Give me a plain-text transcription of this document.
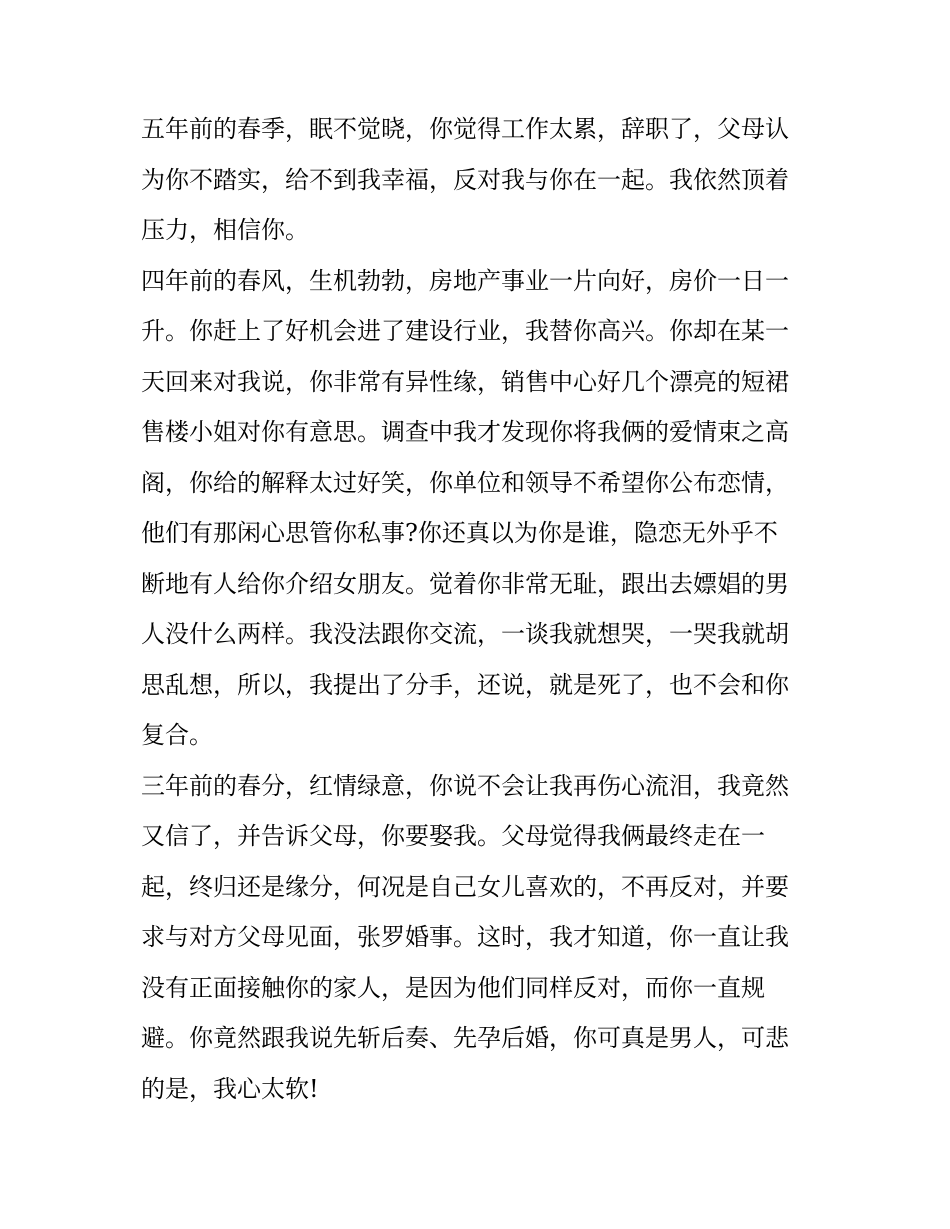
五年前的春季，眠不觉晓，你觉得工作太累，辞职了，父母认
为你不踏实，给不到我幸福，反对我与你在一起。我依然顶着
压力，相信你。
四年前的春风，生机勃勃，房地产事业一片向好，房价一日一
升。你赶上了好机会进了建设行业，我替你高兴。你却在某一
天回来对我说，你非常有异性缘，销售中心好几个漂亮的短裙
售楼小姐对你有意思。调查中我才发现你将我俩的爱情束之高
阁，你给的解释太过好笑，你单位和领导不希望你公布恋情，
他们有那闲心思管你私事?你还真以为你是谁，隐恋无外乎不
断地有人给你介绍女朋友。觉着你非常无耻，跟出去嫖娼的男
人没什么两样。我没法跟你交流，一谈我就想哭，一哭我就胡
思乱想，所以，我提出了分手，还说，就是死了，也不会和你
复合。
三年前的春分，红情绿意，你说不会让我再伤心流泪，我竟然
又信了，并告诉父母，你要娶我。父母觉得我俩最终走在一
起，终归还是缘分，何况是自己女儿喜欢的，不再反对，并要
求与对方父母见面，张罗婚事。这时，我才知道，你一直让我
没有正面接触你的家人，是因为他们同样反对，而你一直规
避。你竟然跟我说先斩后奏、先孕后婚，你可真是男人，可悲
的是，我心太软!
